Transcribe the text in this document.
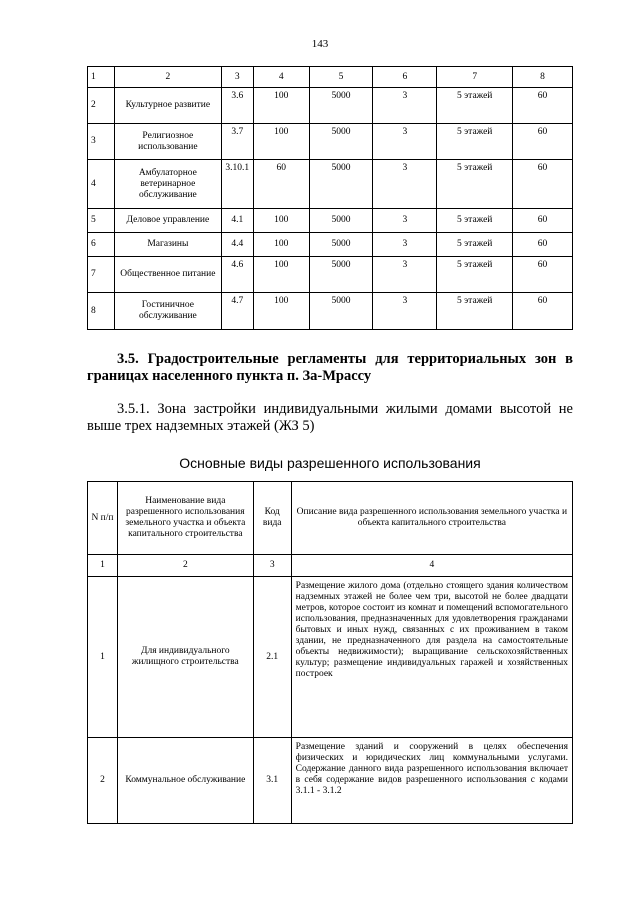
143
1	2	3	4	5	6	7	8
2	Культурное развитие	3.6	100	5000	3	5 этажей	60
3	Религиозное использование	3.7	100	5000	3	5 этажей	60
4	Амбулаторное ветеринарное обслуживание	3.10.1	60	5000	3	5 этажей	60
5	Деловое управление	4.1	100	5000	3	5 этажей	60
6	Магазины	4.4	100	5000	3	5 этажей	60
7	Общественное питание	4.6	100	5000	3	5 этажей	60
8	Гостиничное обслуживание	4.7	100	5000	3	5 этажей	60
3.5. Градостроительные регламенты для территориальных зон в границах населенного пункта п. За-Мрассу
3.5.1. Зона застройки индивидуальными жилыми домами высотой не выше трех надземных этажей (ЖЗ 5)
Основные виды разрешенного использования
N п/п	Наименование вида разрешенного использования земельного участка и объекта капитального строительства	Код вида	Описание вида разрешенного использования земельного участка и объекта капитального строительства
1	2	3	4
1	Для индивидуального жилищного строительства	2.1	Размещение жилого дома (отдельно стоящего здания количеством надземных этажей не более чем три, высотой не более двадцати метров, которое состоит из комнат и помещений вспомогательного использования, предназначенных для удовлетворения гражданами бытовых и иных нужд, связанных с их проживанием в таком здании, не предназначенного для раздела на самостоятельные объекты недвижимости); выращивание сельскохозяйственных культур; размещение индивидуальных гаражей и хозяйственных построек
2	Коммунальное обслуживание	3.1	Размещение зданий и сооружений в целях обеспечения физических и юридических лиц коммунальными услугами. Содержание данного вида разрешенного использования включает в себя содержание видов разрешенного использования с кодами 3.1.1 - 3.1.2
